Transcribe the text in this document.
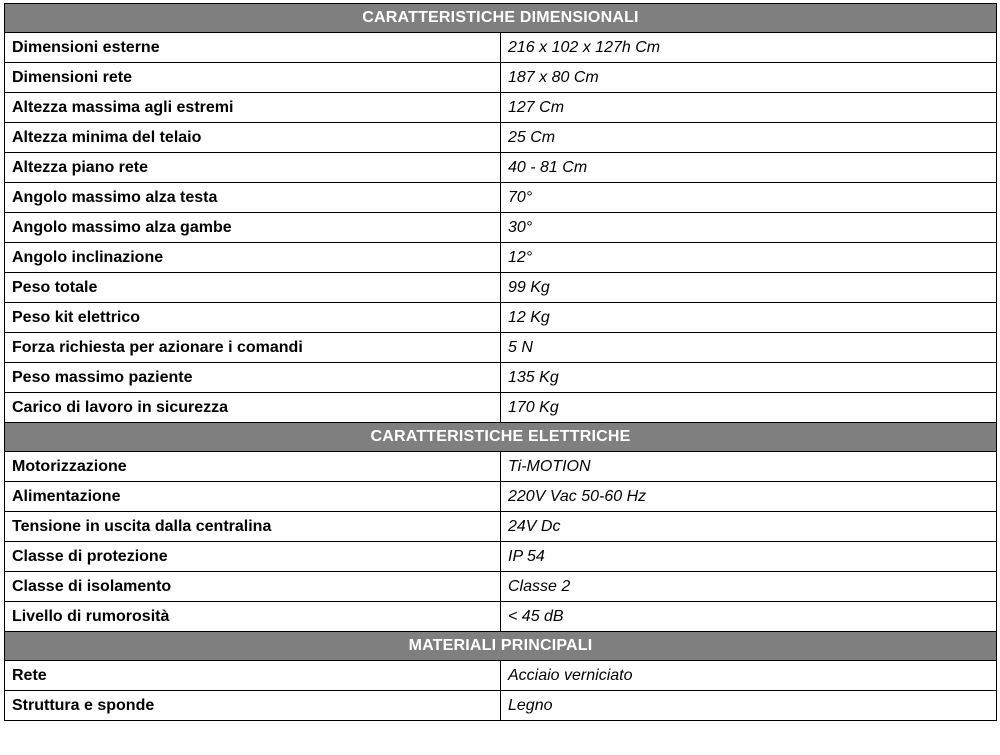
CARATTERISTICHE DIMENSIONALI	
Dimensioni esterne	216 x 102 x 127h Cm
Dimensioni rete	187 x 80 Cm
Altezza massima agli estremi	127 Cm
Altezza minima del telaio	25 Cm
Altezza piano rete	40 - 81 Cm
Angolo massimo alza testa	70°
Angolo massimo alza gambe	30°
Angolo inclinazione	12°
Peso totale	99 Kg
Peso kit elettrico	12 Kg
Forza richiesta per azionare i comandi	5 N
Peso massimo paziente	135 Kg
Carico di lavoro in sicurezza	170 Kg
CARATTERISTICHE ELETTRICHE	
Motorizzazione	Ti-MOTION
Alimentazione	220V Vac 50-60 Hz
Tensione in uscita dalla centralina	24V Dc
Classe di protezione	IP 54
Classe di isolamento	Classe 2
Livello di rumorosità	< 45 dB
MATERIALI PRINCIPALI	
Rete	Acciaio verniciato
Struttura e sponde	Legno
